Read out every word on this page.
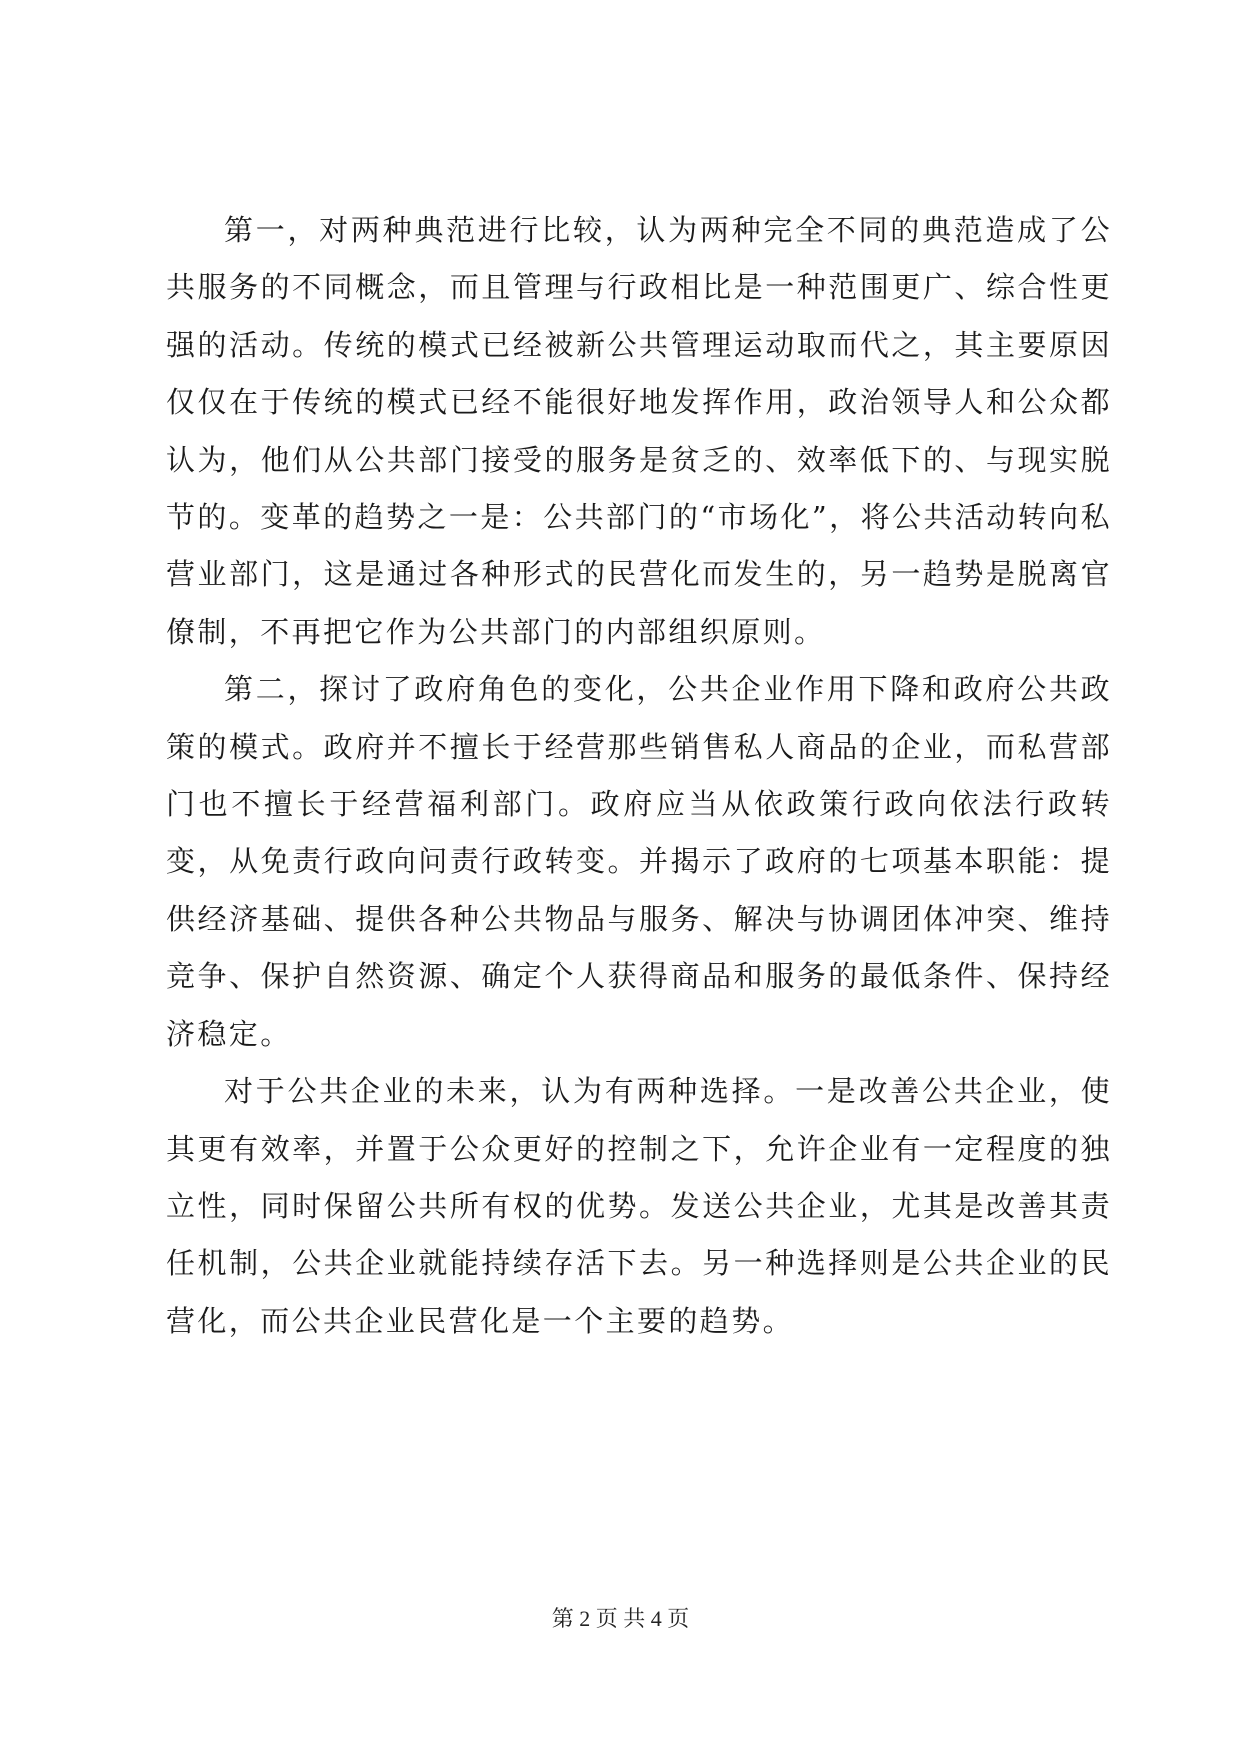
第一，对两种典范进行比较，认为两种完全不同的典范造成了公共服务的不同概念，而且管理与行政相比是一种范围更广、综合性更强的活动。传统的模式已经被新公共管理运动取而代之，其主要原因仅仅在于传统的模式已经不能很好地发挥作用，政治领导人和公众都认为，他们从公共部门接受的服务是贫乏的、效率低下的、与现实脱节的。变革的趋势之一是：公共部门的“市场化”，将公共活动转向私营业部门，这是通过各种形式的民营化而发生的，另一趋势是脱离官僚制，不再把它作为公共部门的内部组织原则。

第二，探讨了政府角色的变化，公共企业作用下降和政府公共政策的模式。政府并不擅长于经营那些销售私人商品的企业，而私营部门也不擅长于经营福利部门。政府应当从依政策行政向依法行政转变，从免责行政向问责行政转变。并揭示了政府的七项基本职能：提供经济基础、提供各种公共物品与服务、解决与协调团体冲突、维持竞争、保护自然资源、确定个人获得商品和服务的最低条件、保持经济稳定。

对于公共企业的未来，认为有两种选择。一是改善公共企业，使其更有效率，并置于公众更好的控制之下，允许企业有一定程度的独立性，同时保留公共所有权的优势。发送公共企业，尤其是改善其责任机制，公共企业就能持续存活下去。另一种选择则是公共企业的民营化，而公共企业民营化是一个主要的趋势。

第 2 页 共 4 页
